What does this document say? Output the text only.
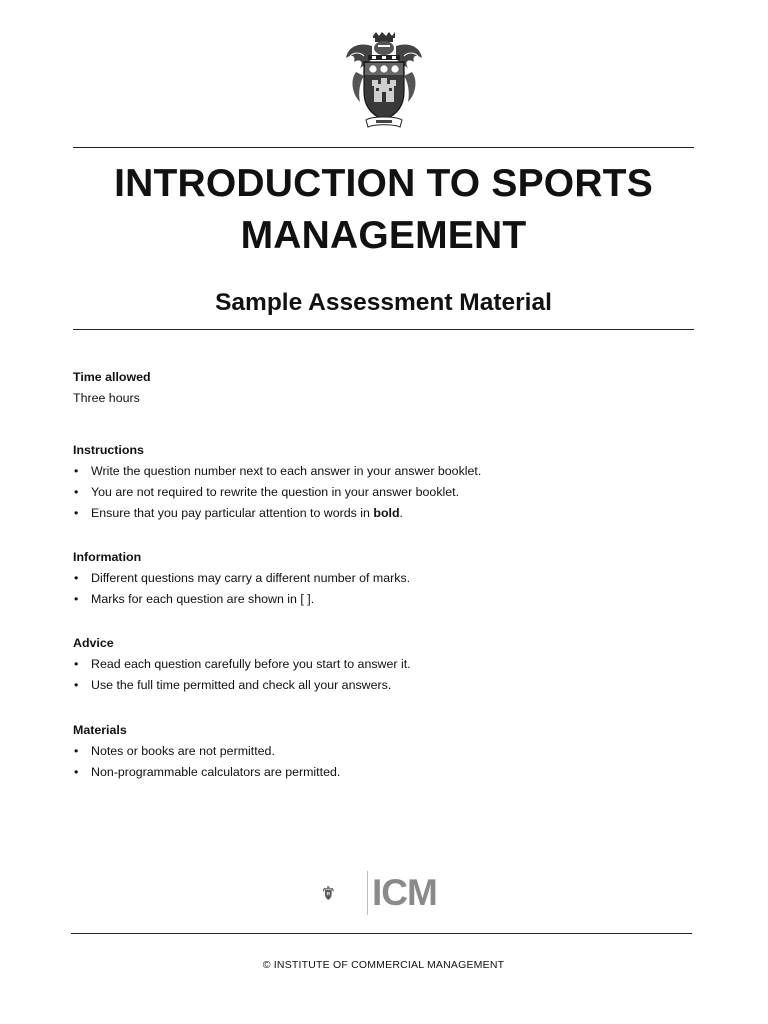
INTRODUCTION TO SPORTS
MANAGEMENT
Sample Assessment Material
Time allowed
Three hours
Instructions
• Write the question number next to each answer in your answer booklet.
• You are not required to rewrite the question in your answer booklet.
• Ensure that you pay particular attention to words in bold.
Information
• Different questions may carry a different number of marks.
• Marks for each question are shown in [ ].
Advice
• Read each question carefully before you start to answer it.
• Use the full time permitted and check all your answers.
Materials
• Notes or books are not permitted.
• Non-programmable calculators are permitted.
ICM
© INSTITUTE OF COMMERCIAL MANAGEMENT
